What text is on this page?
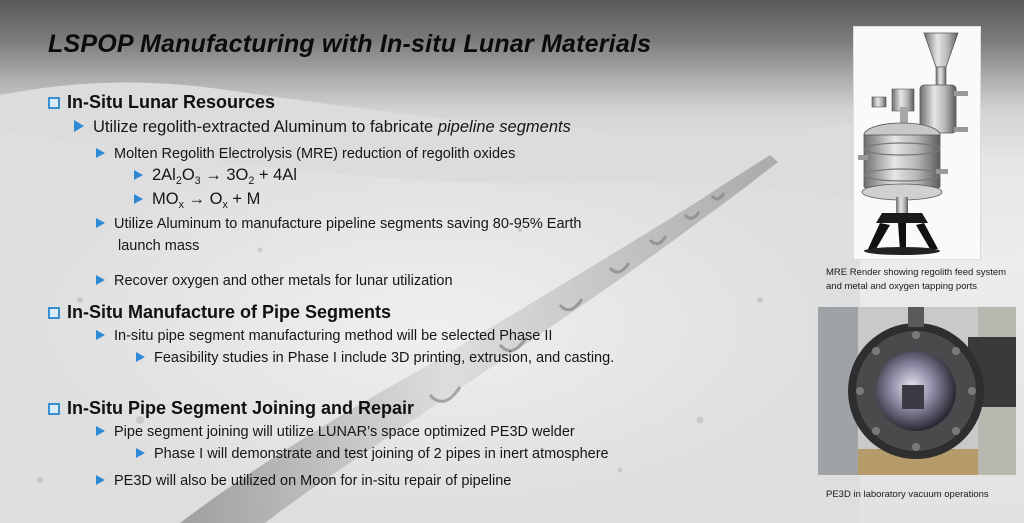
LSPOP Manufacturing with In-situ Lunar Materials
In-Situ Lunar Resources
Utilize regolith-extracted Aluminum to fabricate pipeline segments
Molten Regolith Electrolysis (MRE) reduction of regolith oxides
$2Al_2O_3 \to 3O_2 + 4Al$
$MO_x \to O_x + M$
Utilize Aluminum to manufacture pipeline segments saving 80-95% Earth
launch mass
Recover oxygen and other metals for lunar utilization
In-Situ Manufacture of Pipe Segments
In-situ pipe segment manufacturing method will be selected Phase II
Feasibility studies in Phase I include 3D printing, extrusion, and casting.
In-Situ Pipe Segment Joining and Repair
Pipe segment joining will utilize LUNAR’s space optimized PE3D welder
Phase I will demonstrate and test joining of 2 pipes in inert atmosphere
PE3D will also be utilized on Moon for in-situ repair of pipeline
MRE Render showing regolith feed system
and metal and oxygen tapping ports
PE3D in laboratory vacuum operations
